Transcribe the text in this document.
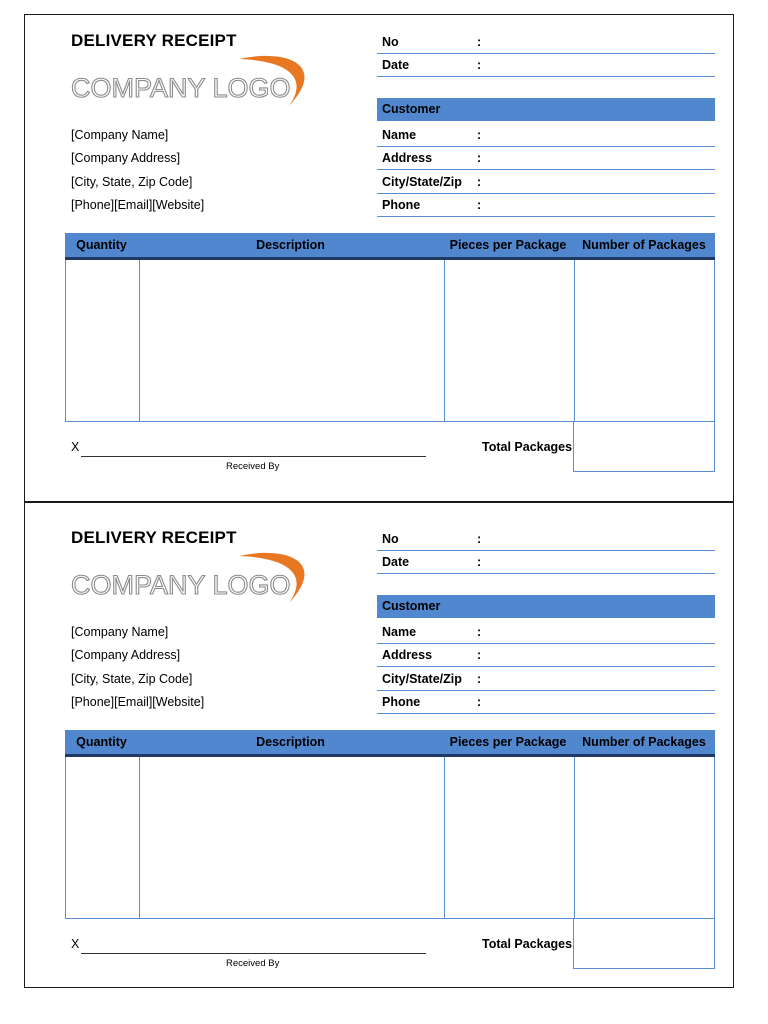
DELIVERY RECEIPT
COMPANY LOGO
[Company Name]
[Company Address]
[City, State, Zip Code]
[Phone][Email][Website]
No	:
Date	:
Customer
Name	:
Address	:
City/State/Zip :
Phone	:
Quantity	Description	Pieces per Package	Number of Packages
X
Received By
Total Packages
DELIVERY RECEIPT
COMPANY LOGO
[Company Name]
[Company Address]
[City, State, Zip Code]
[Phone][Email][Website]
No	:
Date	:
Customer
Name	:
Address	:
City/State/Zip :
Phone	:
Quantity	Description	Pieces per Package	Number of Packages
X
Received By
Total Packages
